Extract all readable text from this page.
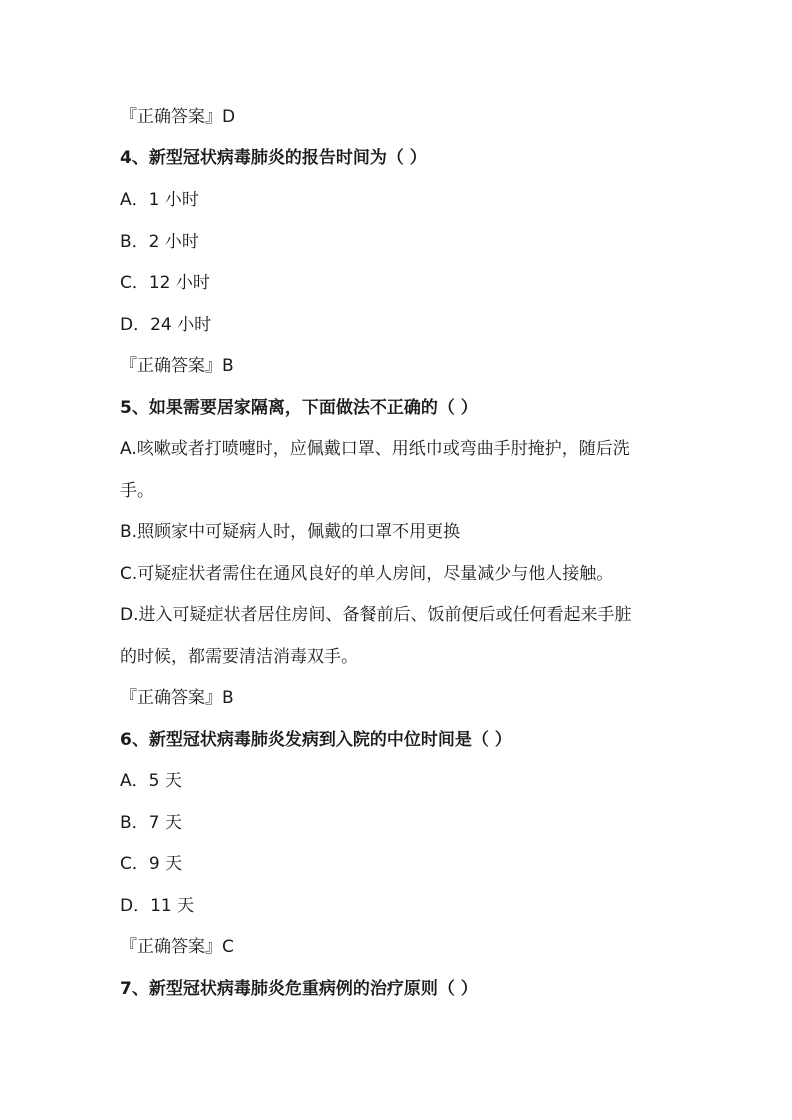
『正确答案』D
4、新型冠状病毒肺炎的报告时间为（ ）
A．1 小时
B．2 小时
C．12 小时
D．24 小时
『正确答案』B
5、如果需要居家隔离，下面做法不正确的（ ）
A.咳嗽或者打喷嚏时，应佩戴口罩、用纸巾或弯曲手肘掩护，随后洗
手。
B.照顾家中可疑病人时，佩戴的口罩不用更换
C.可疑症状者需住在通风良好的单人房间，尽量减少与他人接触。
D.进入可疑症状者居住房间、备餐前后、饭前便后或任何看起来手脏
的时候，都需要清洁消毒双手。
『正确答案』B
6、新型冠状病毒肺炎发病到入院的中位时间是（ ）
A．5 天
B．7 天
C．9 天
D．11 天
『正确答案』C
7、新型冠状病毒肺炎危重病例的治疗原则（ ）
